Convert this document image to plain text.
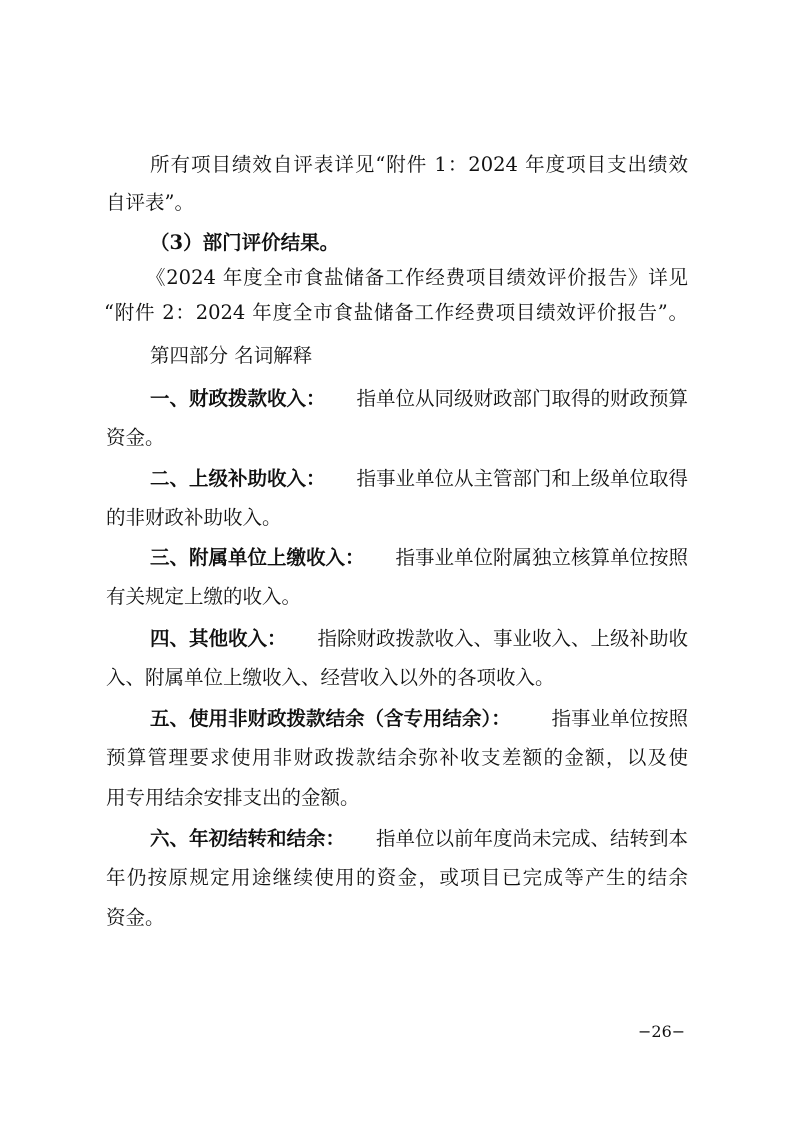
所有项目绩效自评表详见“附件 1：2024 年度项目支出绩效
自评表”。
（3）部门评价结果。
《2024 年度全市食盐储备工作经费项目绩效评价报告》详见
“附件 2：2024 年度全市食盐储备工作经费项目绩效评价报告”。
第四部分 名词解释
一、财政拨款收入： 指单位从同级财政部门取得的财政预算
资金。
二、上级补助收入： 指事业单位从主管部门和上级单位取得
的非财政补助收入。
三、附属单位上缴收入： 指事业单位附属独立核算单位按照
有关规定上缴的收入。
四、其他收入： 指除财政拨款收入、事业收入、上级补助收
入、附属单位上缴收入、经营收入以外的各项收入。
五、使用非财政拨款结余（含专用结余）： 指事业单位按照
预算管理要求使用非财政拨款结余弥补收支差额的金额，以及使
用专用结余安排支出的金额。
六、年初结转和结余： 指单位以前年度尚未完成、结转到本
年仍按原规定用途继续使用的资金，或项目已完成等产生的结余
资金。
−26−
